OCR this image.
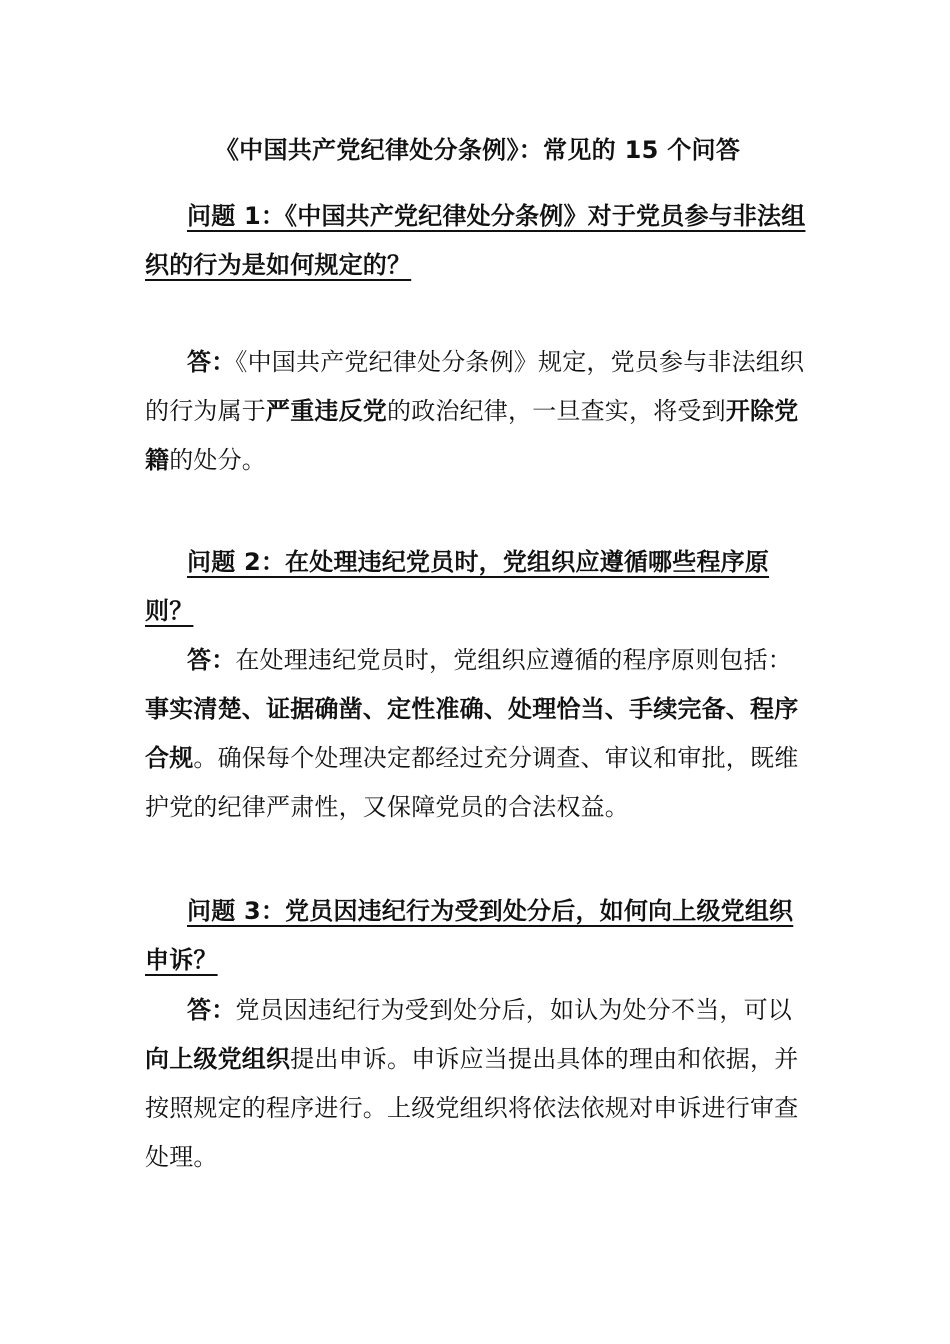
《中国共产党纪律处分条例》：常见的 15 个问答
问题 1：《中国共产党纪律处分条例》对于党员参与非法组织的行为是如何规定的？
答：《中国共产党纪律处分条例》规定，党员参与非法组织的行为属于严重违反党的政治纪律，一旦查实，将受到开除党籍的处分。
问题 2：在处理违纪党员时，党组织应遵循哪些程序原则？
答：在处理违纪党员时，党组织应遵循的程序原则包括：事实清楚、证据确凿、定性准确、处理恰当、手续完备、程序合规。确保每个处理决定都经过充分调查、审议和审批，既维护党的纪律严肃性，又保障党员的合法权益。
问题 3：党员因违纪行为受到处分后，如何向上级党组织申诉？
答：党员因违纪行为受到处分后，如认为处分不当，可以向上级党组织提出申诉。申诉应当提出具体的理由和依据，并按照规定的程序进行。上级党组织将依法依规对申诉进行审查处理。
